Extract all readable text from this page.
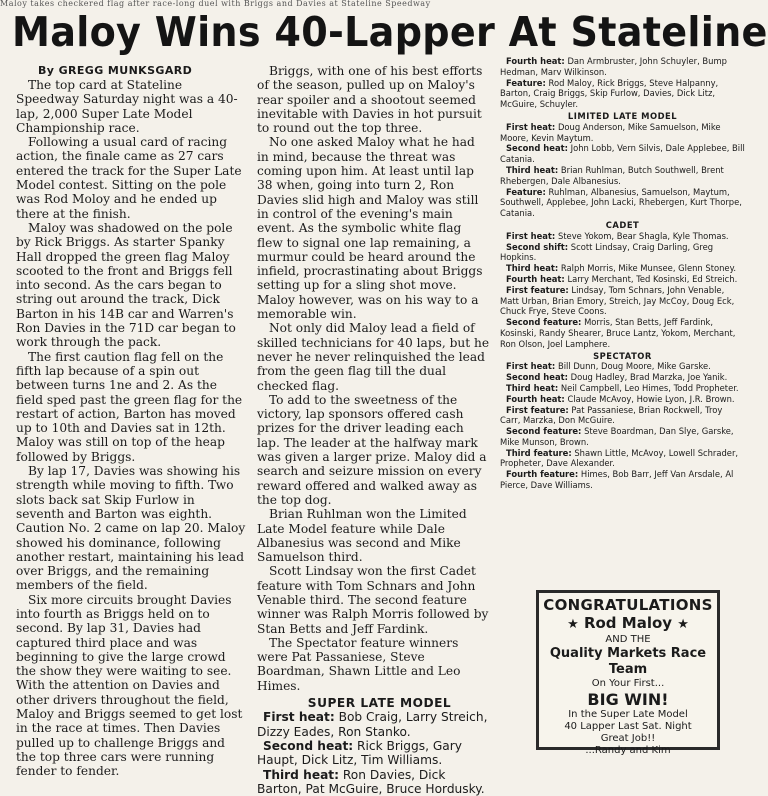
Maloy takes checkered flag after race-long duel with Briggs and Davies at Stateline Speedway
Maloy Wins 40-Lapper At Stateline
By GREGG MUNKSGARD

The top card at Stateline Speedway Saturday night was a 40-lap, 2,000 Super Late Model Championship race.

Following a usual card of racing action, the finale came as 27 cars entered the track for the Super Late Model contest. Sitting on the pole was Rod Moloy and he ended up there at the finish.

Maloy was shadowed on the pole by Rick Briggs. As starter Spanky Hall dropped the green flag Maloy scooted to the front and Briggs fell into second. As the cars began to string out around the track, Dick Barton in his 14B car and Warren's Ron Davies in the 71D car began to work through the pack.

The first caution flag fell on the fifth lap because of a spin out between turns 1ne and 2. As the field sped past the green flag for the restart of action, Barton has moved up to 10th and Davies sat in 12th. Maloy was still on top of the heap followed by Briggs.

By lap 17, Davies was showing his strength while moving to fifth. Two slots back sat Skip Furlow in seventh and Barton was eighth. Caution No. 2 came on lap 20. Maloy showed his dominance, following another restart, maintaining his lead over Briggs, and the remaining members of the field.

Six more circuits brought Davies into fourth as Briggs held on to second. By lap 31, Davies had captured third place and was beginning to give the large crowd the show they were waiting to see. With the attention on Davies and other drivers throughout the field, Maloy and Briggs seemed to get lost in the race at times. Then Davies pulled up to challenge Briggs and the top three cars were running fender to fender.

Briggs, with one of his best efforts of the season, pulled up on Maloy's rear spoiler and a shootout seemed inevitable with Davies in hot pursuit to round out the top three.

No one asked Maloy what he had in mind, because the threat was coming upon him. At least until lap 38 when, going into turn 2, Ron Davies slid high and Maloy was still in control of the evening's main event. As the symbolic white flag flew to signal one lap remaining, a murmur could be heard around the infield, procrastinating about Briggs setting up for a sling shot move. Maloy however, was on his way to a memorable win.

Not only did Maloy lead a field of skilled technicians for 40 laps, but he never he never relinquished the lead from the geen flag till the dual checked flag.

To add to the sweetness of the victory, lap sponsors offered cash prizes for the driver leading each lap. The leader at the halfway mark was given a larger prize. Maloy did a search and seizure mission on every reward offered and walked away as the top dog.

Brian Ruhlman won the Limited Late Model feature while Dale Albanesius was second and Mike Samuelson third.

Scott Lindsay won the first Cadet feature with Tom Schnars and John Venable third. The second feature winner was Ralph Morris followed by Stan Betts and Jeff Fardink.

The Spectator feature winners were Pat Passaniese, Steve Boardman, Shawn Little and Leo Himes.

SUPER LATE MODEL

First heat: Bob Craig, Larry Streich, Dizzy Eades, Ron Stanko.

Second heat: Rick Briggs, Gary Haupt, Dick Litz, Tim Williams.

Third heat: Ron Davies, Dick Barton, Pat McGuire, Bruce Hordusky.

Fourth heat: Dan Armbruster, John Schuyler, Bump Hedman, Marv Wilkinson.

Feature: Rod Maloy, Rick Briggs, Steve Halpanny, Barton, Craig Briggs, Skip Furlow, Davies, Dick Litz, McGuire, Schuyler.

LIMITED LATE MODEL

First heat: Doug Anderson, Mike Samuelson, Mike Moore, Kevin Maytum.

Second heat: John Lobb, Vern Silvis, Dale Applebee, Bill Catania.

Third heat: Brian Ruhlman, Butch Southwell, Brent Rhebergen, Dale Albanesius.

Feature: Ruhlman, Albanesius, Samuelson, Maytum, Southwell, Applebee, John Lacki, Rhebergen, Kurt Thorpe, Catania.

CADET

First heat: Steve Yokom, Bear Shagla, Kyle Thomas.

Second shift: Scott Lindsay, Craig Darling, Greg Hopkins.

Third heat: Ralph Morris, Mike Munsee, Glenn Stoney.

Fourth heat: Larry Merchant, Ted Kosinski, Ed Streich.

First feature: Lindsay, Tom Schnars, John Venable, Matt Urban, Brian Emory, Streich, Jay McCoy, Doug Eck, Chuck Frye, Steve Coons.

Second feature: Morris, Stan Betts, Jeff Fardink, Kosinski, Randy Shearer, Bruce Lantz, Yokom, Merchant, Ron Olson, Joel Lamphere.

SPECTATOR

First heat: Bill Dunn, Doug Moore, Mike Garske.

Second heat: Doug Hadley, Brad Marzka, Joe Yanik.

Third heat: Neil Campbell, Leo Himes, Todd Propheter.

Fourth heat: Claude McAvoy, Howie Lyon, J.R. Brown.

First feature: Pat Passaniese, Brian Rockwell, Troy Carr, Marzka, Don McGuire.

Second feature: Steve Boardman, Dan Slye, Garske, Mike Munson, Brown.

Third feature: Shawn Little, McAvoy, Lowell Schrader, Propheter, Dave Alexander.

Fourth feature: Himes, Bob Barr, Jeff Van Arsdale, Al Pierce, Dave Williams.

CONGRATULATIONS
★ Rod Maloy ★
AND THE
Quality Markets Race Team
On Your First...
BIG WIN!
In the Super Late Model
40 Lapper Last Sat. Night
Great Job!!
...Randy and Kim
